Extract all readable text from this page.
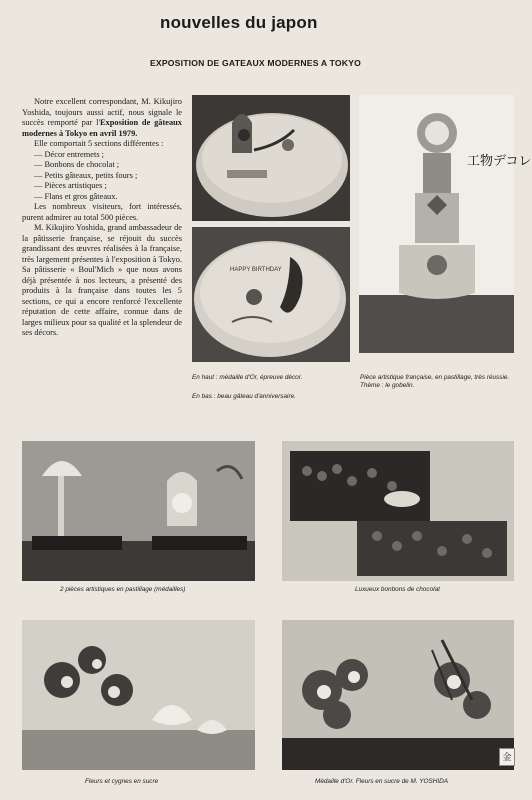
nouvelles du japon
EXPOSITION DE GATEAUX MODERNES A TOKYO

Notre excellent correspondant, M. Kikujiro Yoshida, toujours aussi actif, nous signale le succès remporté par l'Exposition de gâteaux modernes à Tokyo en avril 1979.

Elle comportait 5 sections différentes :

— Décor entremets ;
— Bonbons de chocolat ;
— Petits gâteaux, petits fours ;
— Pièces artistiques ;
— Flans et gros gâteaux.

Les nombreux visiteurs, fort intéressés, purent admirer au total 500 pièces.

M. Kikujiro Yoshida, grand ambassadeur de la pâtisserie française, se réjouit du succès grandissant des œuvres réalisées à la française, très largement présentes à l'exposition à Tokyo. Sa pâtisserie « Boul'Mich » que nous avons déjà présentée à nos lecteurs, a présenté des produits à la française dans toutes les 5 sections, ce qui a encore renforcé l'excellente réputation de cette affaire, connue dans de larges milieux pour sa qualité et la splendeur de ses décors.

HAPPY BIRTHDAY
工物デコレ
En haut : médaille d'Or, épreuve décor.
En bas : beau gâteau d'anniversaire.
Pièce artistique française, en pastillage, très réussie. Thème : le gobelin.
2 pièces artistiques en pastillage (médailles)	Luxueux bonbons de chocolat
金
Fleurs et cygnes en sucre	Médaille d'Or. Fleurs en sucre de M. YOSHIDA
